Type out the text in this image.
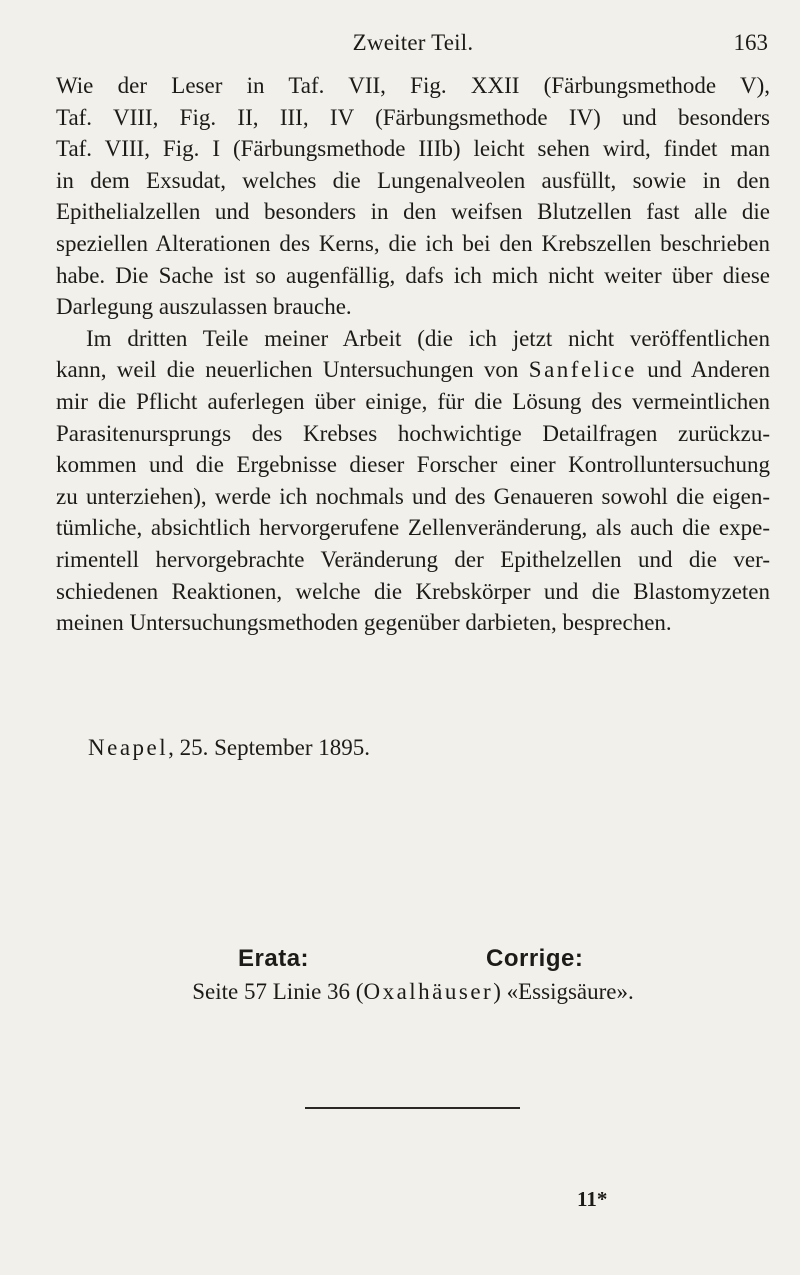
Zweiter Teil.	163
Wie der Leser in Taf. VII, Fig. XXII (Färbungsmethode V),
Taf. VIII, Fig. II, III, IV (Färbungsmethode IV) und besonders
Taf. VIII, Fig. I (Färbungsmethode IIIb) leicht sehen wird, findet man
in dem Exsudat, welches die Lungenalveolen ausfüllt, sowie in den
Epithelialzellen und besonders in den weifsen Blutzellen fast alle die
speziellen Alterationen des Kerns, die ich bei den Krebszellen beschrieben
habe. Die Sache ist so augenfällig, dafs ich mich nicht weiter über diese
Darlegung auszulassen brauche.
Im dritten Teile meiner Arbeit (die ich jetzt nicht veröffentlichen
kann, weil die neuerlichen Untersuchungen von Sanfelice und Anderen
mir die Pflicht auferlegen über einige, für die Lösung des vermeintlichen
Parasitenursprungs des Krebses hochwichtige Detailfragen zurückzu-
kommen und die Ergebnisse dieser Forscher einer Kontrolluntersuchung
zu unterziehen), werde ich nochmals und des Genaueren sowohl die eigen-
tümliche, absichtlich hervorgerufene Zellenveränderung, als auch die expe-
rimentell hervorgebrachte Veränderung der Epithelzellen und die ver-
schiedenen Reaktionen, welche die Krebskörper und die Blastomyzeten
meinen Untersuchungsmethoden gegenüber darbieten, besprechen.
Neapel, 25. September 1895.
Erata:	Corrige:
Seite 57 Linie 36 (Oxalhäuser) «Essigsäure».
11*
